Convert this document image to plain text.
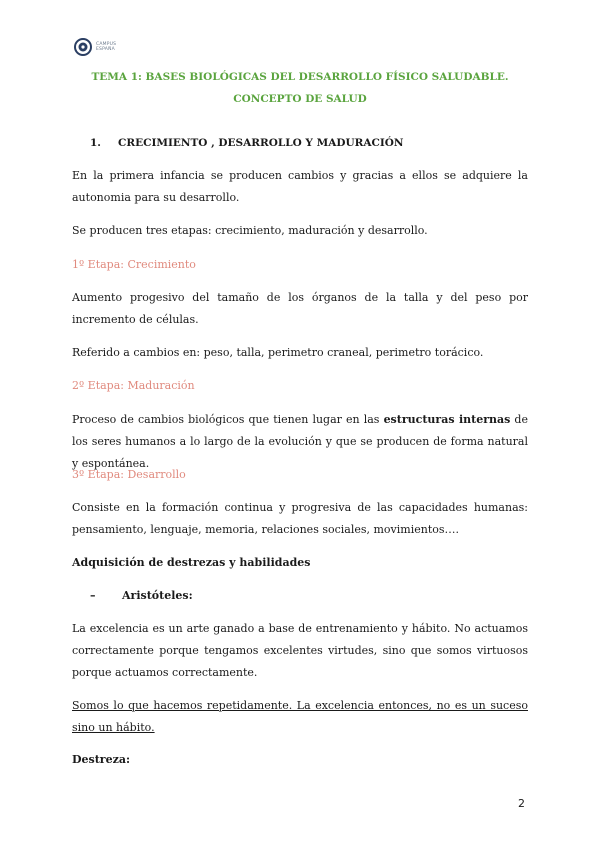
CAMPUS
ESPAÑA
TEMA 1: BASES BIOLÓGICAS DEL DESARROLLO FÍSICO SALUDABLE. CONCEPTO DE SALUD

1. CRECIMIENTO , DESARROLLO Y MADURACIÓN

En la primera infancia se producen cambios y gracias a ellos se adquiere la autonomia para su desarrollo.

Se producen tres etapas: crecimiento, maduración y desarrollo.

1º Etapa: Crecimiento

Aumento progesivo del tamaño de los órganos de la talla y del peso por incremento de células.

Referido a cambios en: peso, talla, perimetro craneal, perimetro torácico.

2º Etapa: Maduración

Proceso de cambios biológicos que tienen lugar en las estructuras internas de los seres humanos a lo largo de la evolución y que se producen de forma natural y espontánea.

3º Etapa: Desarrollo

Consiste en la formación continua y progresiva de las capacidades humanas: pensamiento, lenguaje, memoria, relaciones sociales, movimientos….

Adquisición de destrezas y habilidades

– Aristóteles:

La excelencia es un arte ganado a base de entrenamiento y hábito. No actuamos correctamente porque tengamos excelentes virtudes, sino que somos virtuosos porque actuamos correctamente.

Somos lo que hacemos repetidamente. La excelencia entonces, no es un suceso sino un hábito.

Destreza:

2
